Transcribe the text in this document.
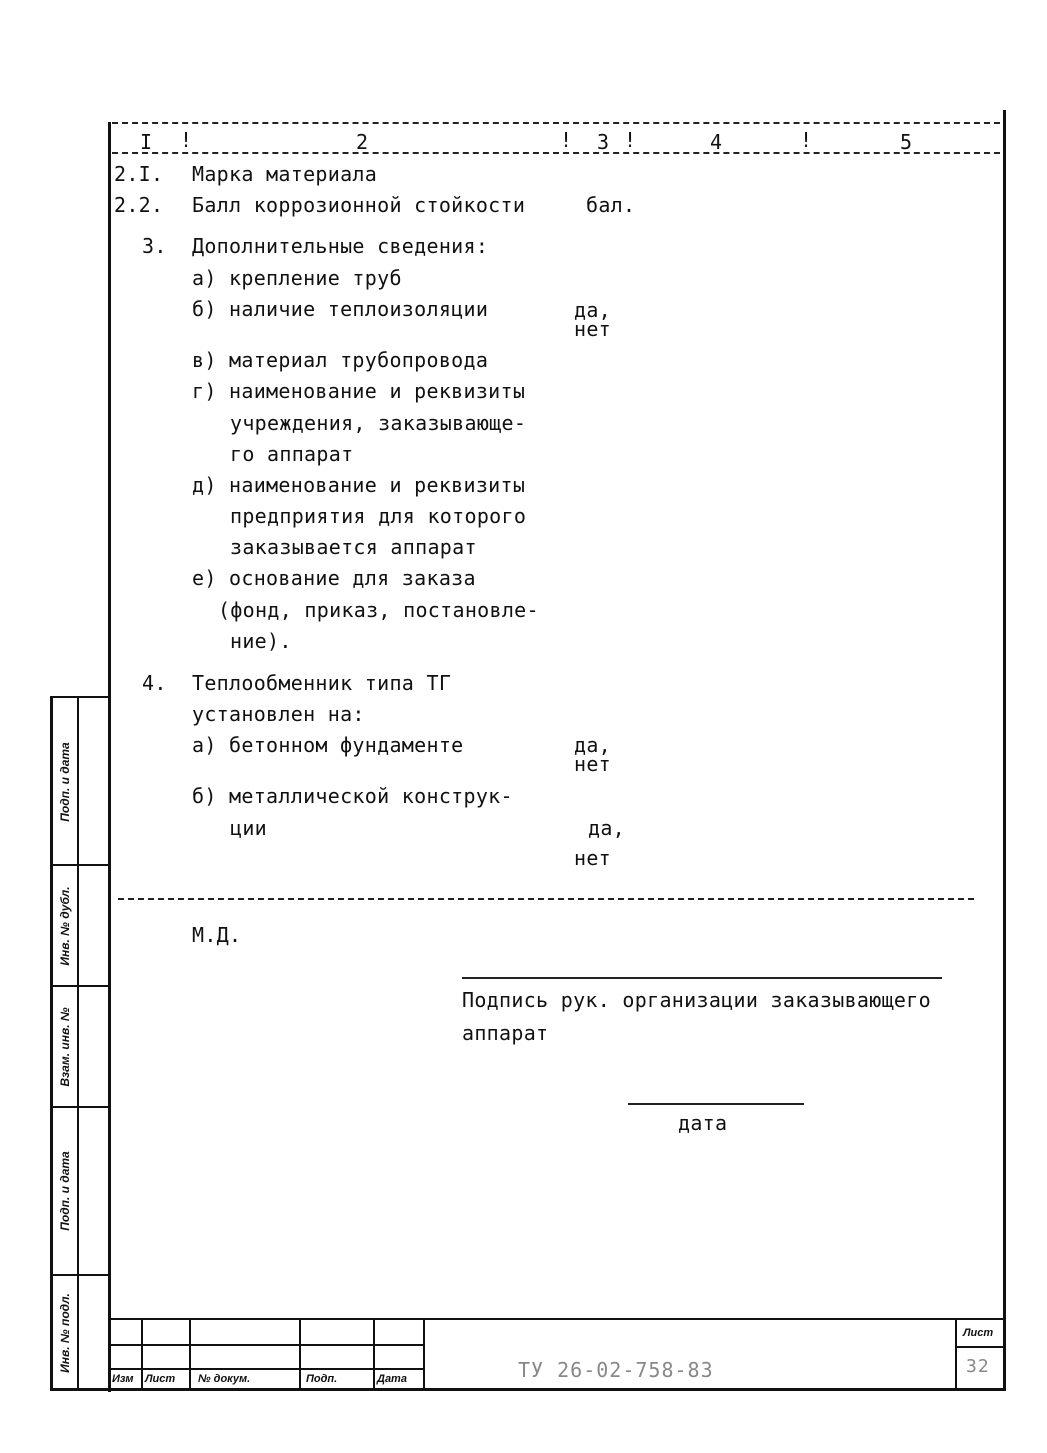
I !	2	! 3 !	4	!	5
2.I. Марка материала
2.2. Балл коррозионной стойкости	бал.
3. Дополнительные сведения:
а) крепление труб
б) наличие теплоизоляции	да,
нет
в) материал трубопровода
г) наименование и реквизиты
учреждения, заказывающе-
го аппарат
д) наименование и реквизиты
предприятия для которого
заказывается аппарат
е) основание для заказа
(фонд, приказ, постановле-
ние).
4. Теплообменник типа ТГ
установлен на:
а) бетонном фундаменте	да,
нет
б) металлической конструк-
ции	да,
нет
М.Д.
Подпись рук. организации заказывающего
аппарат
дата
Подп. и дата
Инв. № дубл.
Взам. инв. №
Подп. и дата
Инв. № подл.
Изм Лист № докум.	Подп.	Дата	ТУ 26-02-758-83
Лист
32
